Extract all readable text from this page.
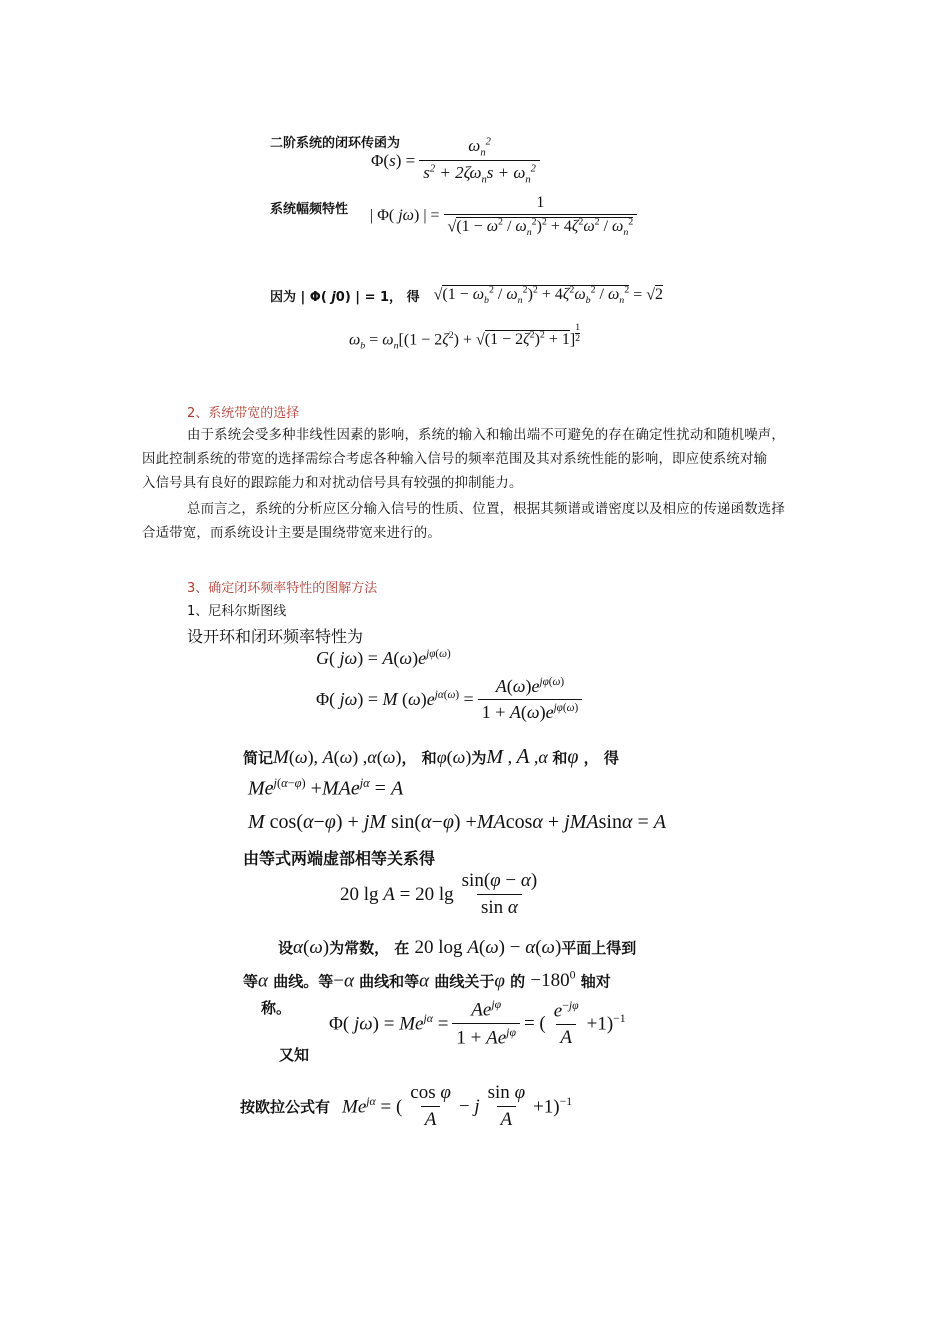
二阶系统的闭环传函为
$\Phi(s) = \frac{\omega_n^2}{s^2 + 2\zeta\omega_ns + \omega_n^2}$
系统幅频特性 | Φ( jω) | = $\frac{1}{√(1 - \omega^2 / \omega_n^2)^2 + 4\zeta^2\omega^2 / \omega_n^2}$
因为 | Φ( j0) | = 1， 得 $√(1 - \omega_b^2 / \omega_n^2)^2 + 4\zeta^2\omega_b^2 / \omega_n^2 = √2$
$\omega_b = \omega_n[(1 - 2\zeta^2) + √(1 - 2\zeta^2)^2 + 1]$ $^{\frac{1}{2}}$
2、系统带宽的选择
由于系统会受多种非线性因素的影响，系统的输入和输出端不可避免的存在确定性扰动和随机噪声，
因此控制系统的带宽的选择需综合考虑各种输入信号的频率范围及其对系统性能的影响，即应使系统对输
入信号具有良好的跟踪能力和对扰动信号具有较强的抑制能力。
总而言之，系统的分析应区分输入信号的性质、位置，根据其频谱或谱密度以及相应的传递函数选择
合适带宽，而系统设计主要是围绕带宽来进行的。
3、确定闭环频率特性的图解方法
1、尼科尔斯图线
设开环和闭环频率特性为
G( $j\omega) = A(\omega)e^{j\varphi(\omega)}$
Φ( jω) = M $(\omega)e^{j\alpha(\omega)} = \frac{A(\omega)e^{j\varphi(\omega)}}{1 + A(\omega)e^{j\varphi(\omega)}}$
简记M(ω), A(ω) ,α(ω)， 和φ(ω)为M , A ,α 和φ ， 得
$Me^{j(\alpha-\varphi)} +MAe^{j\alpha} = A$
M cos(α−φ) + jM sin(α−φ) +MAcosα + jMAsinα = A
由等式两端虚部相等关系得
20 lg A = 20 $\lg \frac{\sin(\varphi - \alpha)}{\text{sin α}}$
设α(ω)为常数， 在 20 log A(ω) − α(ω)平面上得到
等α 曲线。等−α 曲线和等α 曲线关于φ 的 $-180^0$ 轴对
称。
Φ( $j\omega) = Me^{j\alpha} = \frac{Ae^{j\varphi}}{1 + Ae^{j\varphi}}$ = ( $\frac{e^{-j\varphi}}{A} +1)^{-1}$
又知
按欧拉公式有 $Me^{j\alpha}$ = ( $\frac{\text{cos φ}}{A} - j \frac{\text{sin φ}}{A} +1)^{-1}$
